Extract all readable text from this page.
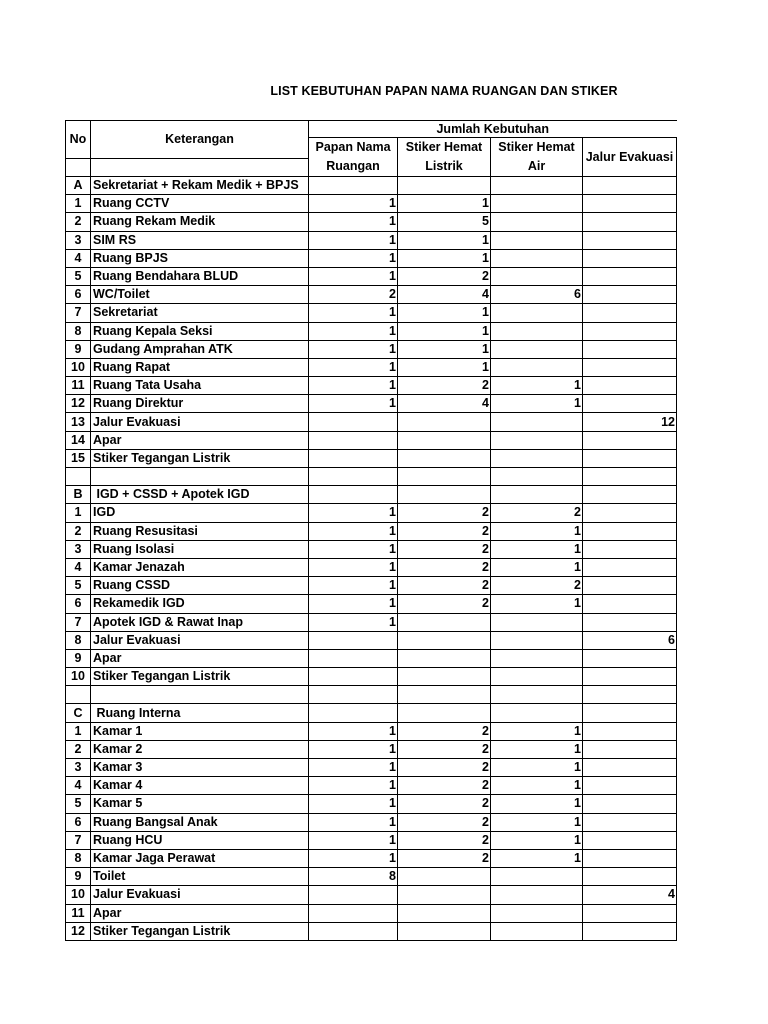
LIST KEBUTUHAN PAPAN NAMA RUANGAN DAN STIKER
No	Keterangan	Jumlah Kebutuhan			
		Papan Nama Ruangan	Stiker Hemat Listrik	Stiker Hemat Air	Jalur Evakuasi

A	Sekretariat + Rekam Medik + BPJS				
1	Ruang CCTV	1	1		
2	Ruang Rekam Medik	1	5		
3	SIM RS	1	1		
4	Ruang BPJS	1	1		
5	Ruang Bendahara BLUD	1	2		
6	WC/Toilet	2	4	6	
7	Sekretariat	1	1		
8	Ruang Kepala Seksi	1	1		
9	Gudang Amprahan ATK	1	1		
10	Ruang Rapat	1	1		
11	Ruang Tata Usaha	1	2	1	
12	Ruang Direktur	1	4	1	
13	Jalur Evakuasi				12
14	Apar				
15	Stiker Tegangan Listrik				

B	IGD + CSSD + Apotek IGD				
1	IGD	1	2	2	
2	Ruang Resusitasi	1	2	1	
3	Ruang Isolasi	1	2	1	
4	Kamar Jenazah	1	2	1	
5	Ruang CSSD	1	2	2	
6	Rekamedik IGD	1	2	1	
7	Apotek IGD & Rawat Inap	1			
8	Jalur Evakuasi				6
9	Apar				
10	Stiker Tegangan Listrik				

C	Ruang Interna				
1	Kamar 1	1	2	1	
2	Kamar 2	1	2	1	
3	Kamar 3	1	2	1	
4	Kamar 4	1	2	1	
5	Kamar 5	1	2	1	
6	Ruang Bangsal Anak	1	2	1	
7	Ruang HCU	1	2	1	
8	Kamar Jaga Perawat	1	2	1	
9	Toilet	8			
10	Jalur Evakuasi				4
11	Apar				
12	Stiker Tegangan Listrik				
